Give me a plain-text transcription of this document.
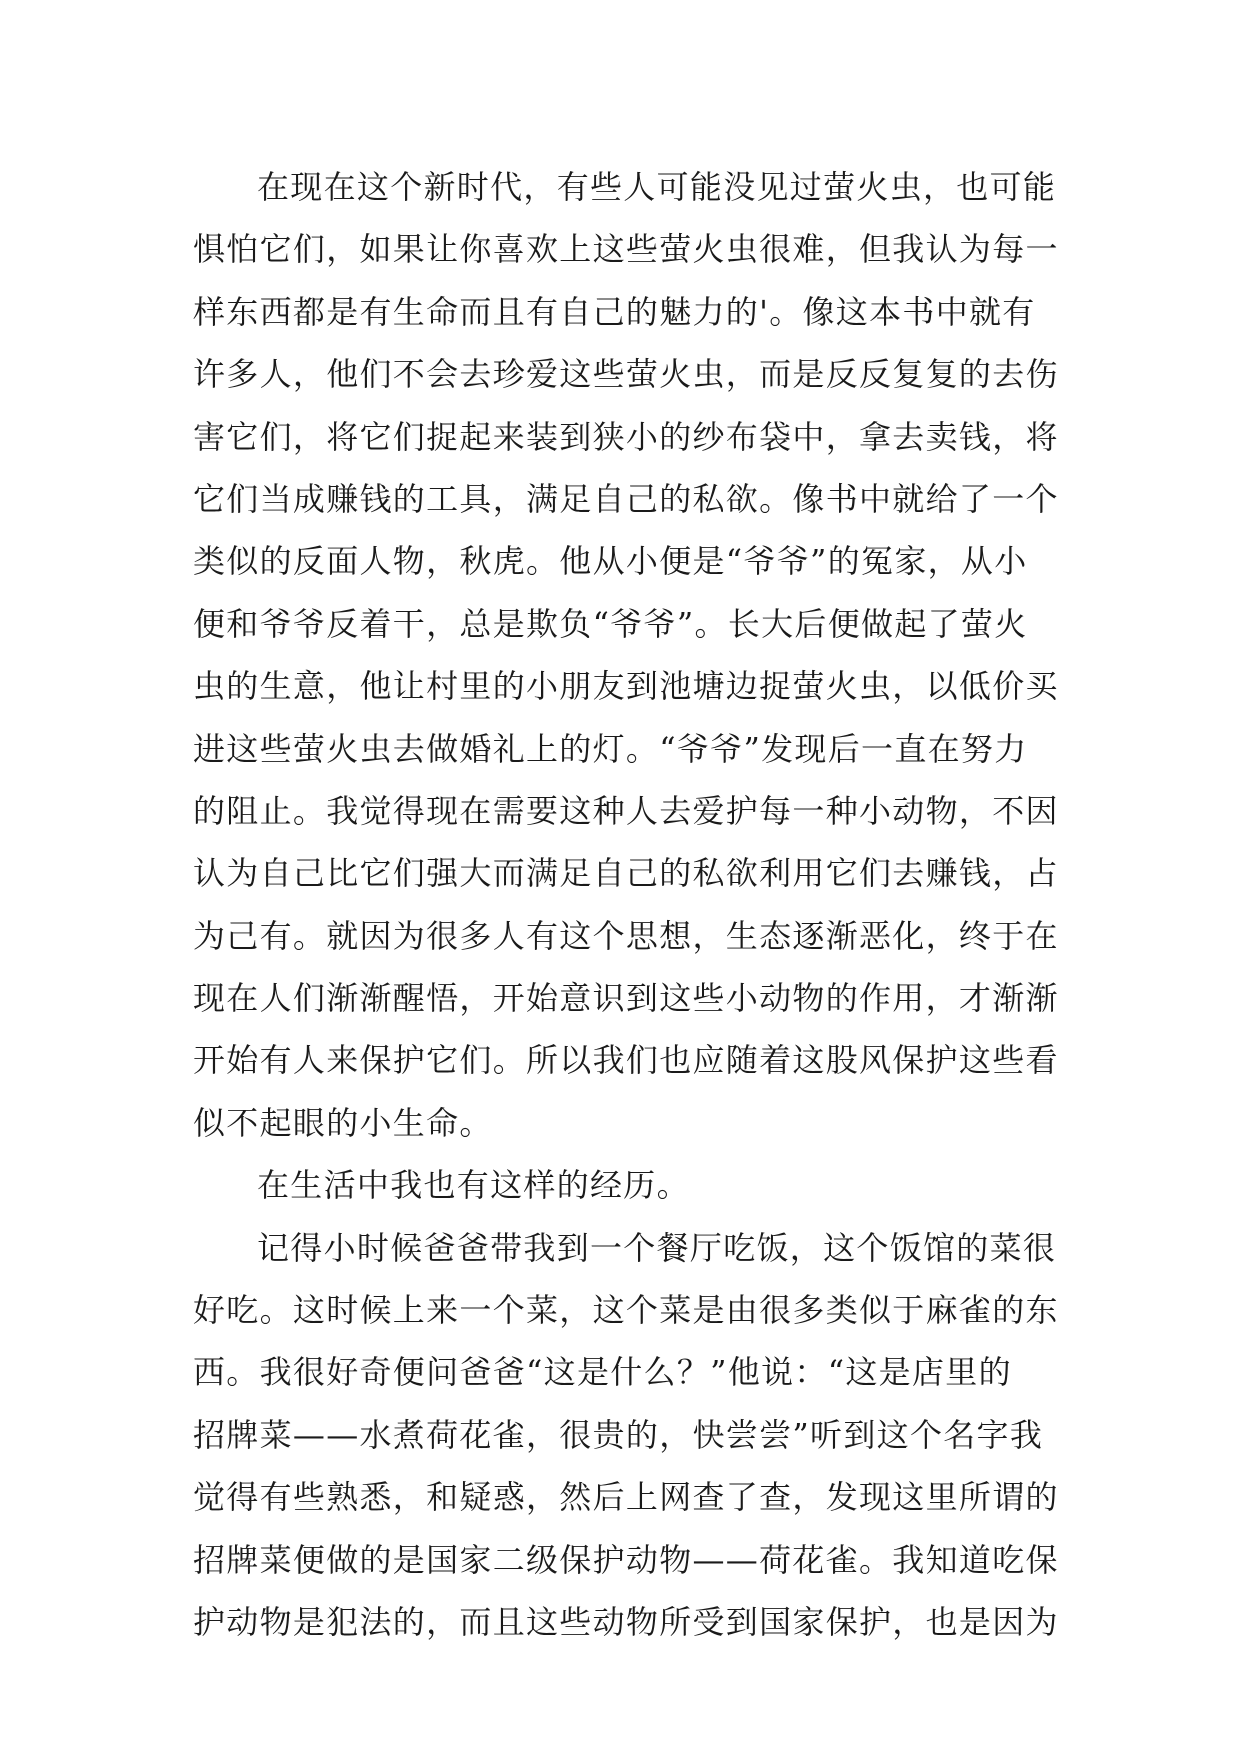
在现在这个新时代，有些人可能没见过萤火虫，也可能
惧怕它们，如果让你喜欢上这些萤火虫很难，但我认为每一
样东西都是有生命而且有自己的魅力的'。像这本书中就有
许多人，他们不会去珍爱这些萤火虫，而是反反复复的去伤
害它们，将它们捉起来装到狭小的纱布袋中，拿去卖钱，将
它们当成赚钱的工具，满足自己的私欲。像书中就给了一个
类似的反面人物，秋虎。他从小便是“爷爷”的冤家，从小
便和爷爷反着干，总是欺负“爷爷”。长大后便做起了萤火
虫的生意，他让村里的小朋友到池塘边捉萤火虫，以低价买
进这些萤火虫去做婚礼上的灯。“爷爷”发现后一直在努力
的阻止。我觉得现在需要这种人去爱护每一种小动物，不因
认为自己比它们强大而满足自己的私欲利用它们去赚钱，占
为己有。就因为很多人有这个思想，生态逐渐恶化，终于在
现在人们渐渐醒悟，开始意识到这些小动物的作用，才渐渐
开始有人来保护它们。所以我们也应随着这股风保护这些看
似不起眼的小生命。
在生活中我也有这样的经历。
记得小时候爸爸带我到一个餐厅吃饭，这个饭馆的菜很
好吃。这时候上来一个菜，这个菜是由很多类似于麻雀的东
西。我很好奇便问爸爸“这是什么？”他说：“这是店里的
招牌菜——水煮荷花雀，很贵的，快尝尝”听到这个名字我
觉得有些熟悉，和疑惑，然后上网查了查，发现这里所谓的
招牌菜便做的是国家二级保护动物——荷花雀。我知道吃保
护动物是犯法的，而且这些动物所受到国家保护，也是因为
